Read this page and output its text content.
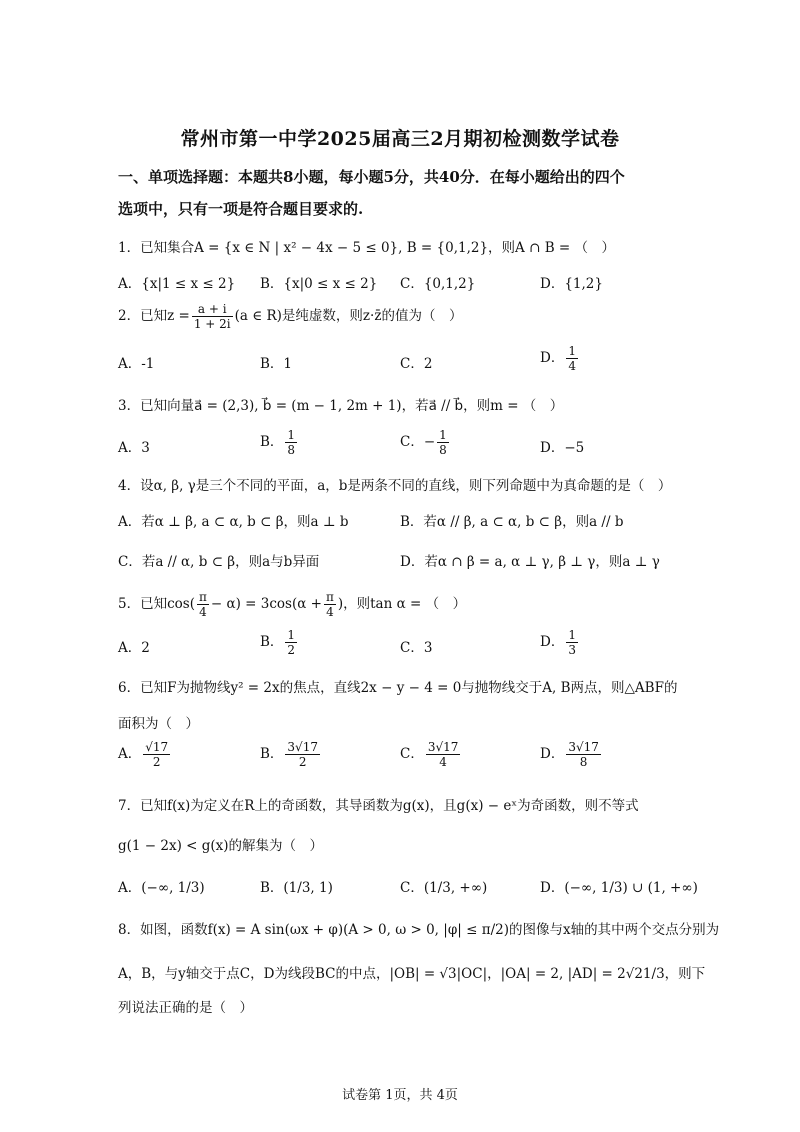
常州市第一中学2025届高三2月期初检测数学试卷
一、单项选择题：本题共8小题，每小题5分，共40分．在每小题给出的四个
选项中，只有一项是符合题目要求的.
1．已知集合A = {x ∈ N | x² − 4x − 5 ≤ 0}, B = {0,1,2}，则A ∩ B = （　）
A．{x|1 ≤ x ≤ 2} B．{x|0 ≤ x ≤ 2} C．{0,1,2}	D．{1,2}
2．已知$z = \frac{a + i}{1 + 2i} (a$ ∈ R)是纯虚数，则z·z̄的值为（　）
A．-1	B．1	C．2	D． $\frac{1}{4}$
3．已知向量a⃗ = (2,3), b⃗ = (m − 1, 2m + 1)，若a⃗ // b⃗，则m = （　）
A．3	B． $\frac{1}{8}$	C．− $\frac{1}{8}$	D．−5
4．设α, β, γ是三个不同的平面，a，b是两条不同的直线，则下列命题中为真命题的是（　）
A．若α ⊥ β, a ⊂ α, b ⊂ β，则a ⊥ b	B．若α // β, a ⊂ α, b ⊂ β，则a // b
C．若a // α, b ⊂ β，则a与b异面	D．若α ∩ β = a, α ⊥ γ, β ⊥ γ，则a ⊥ γ
5．已知$\cos( \frac{\pi}{4} - \alpha) = 3\cos(\alpha + \frac{\pi}{4}$ )，则tan α = （　）
A．2	B． $\frac{1}{2}$	C．3	D． $\frac{1}{3}$
6．已知F为抛物线y² = 2x的焦点，直线2x − y − 4 = 0与抛物线交于A, B两点，则△ABF的
面积为（　）
A． $\frac{√17}{2}$	B． $\frac{3√17}{2}$	C． $\frac{3√17}{4}$	D． $\frac{3√17}{8}$
7．已知f(x)为定义在R上的奇函数，其导函数为g(x)，且g(x) − eˣ为奇函数，则不等式
g(1 − 2x) < g(x)的解集为（　）
A．(−∞, 1/3)	B．(1/3, 1)	C．(1/3, +∞)	D．(−∞, 1/3) ∪ (1, +∞)
8．如图，函数f(x) = A sin(ωx + φ)(A > 0, ω > 0, |φ| ≤ π/2)的图像与x轴的其中两个交点分别为
A，B，与y轴交于点C，D为线段BC的中点，|OB| = √3|OC|，|OA| = 2, |AD| = 2√21/3，则下
列说法正确的是（　）
试卷第 1页，共 4页
